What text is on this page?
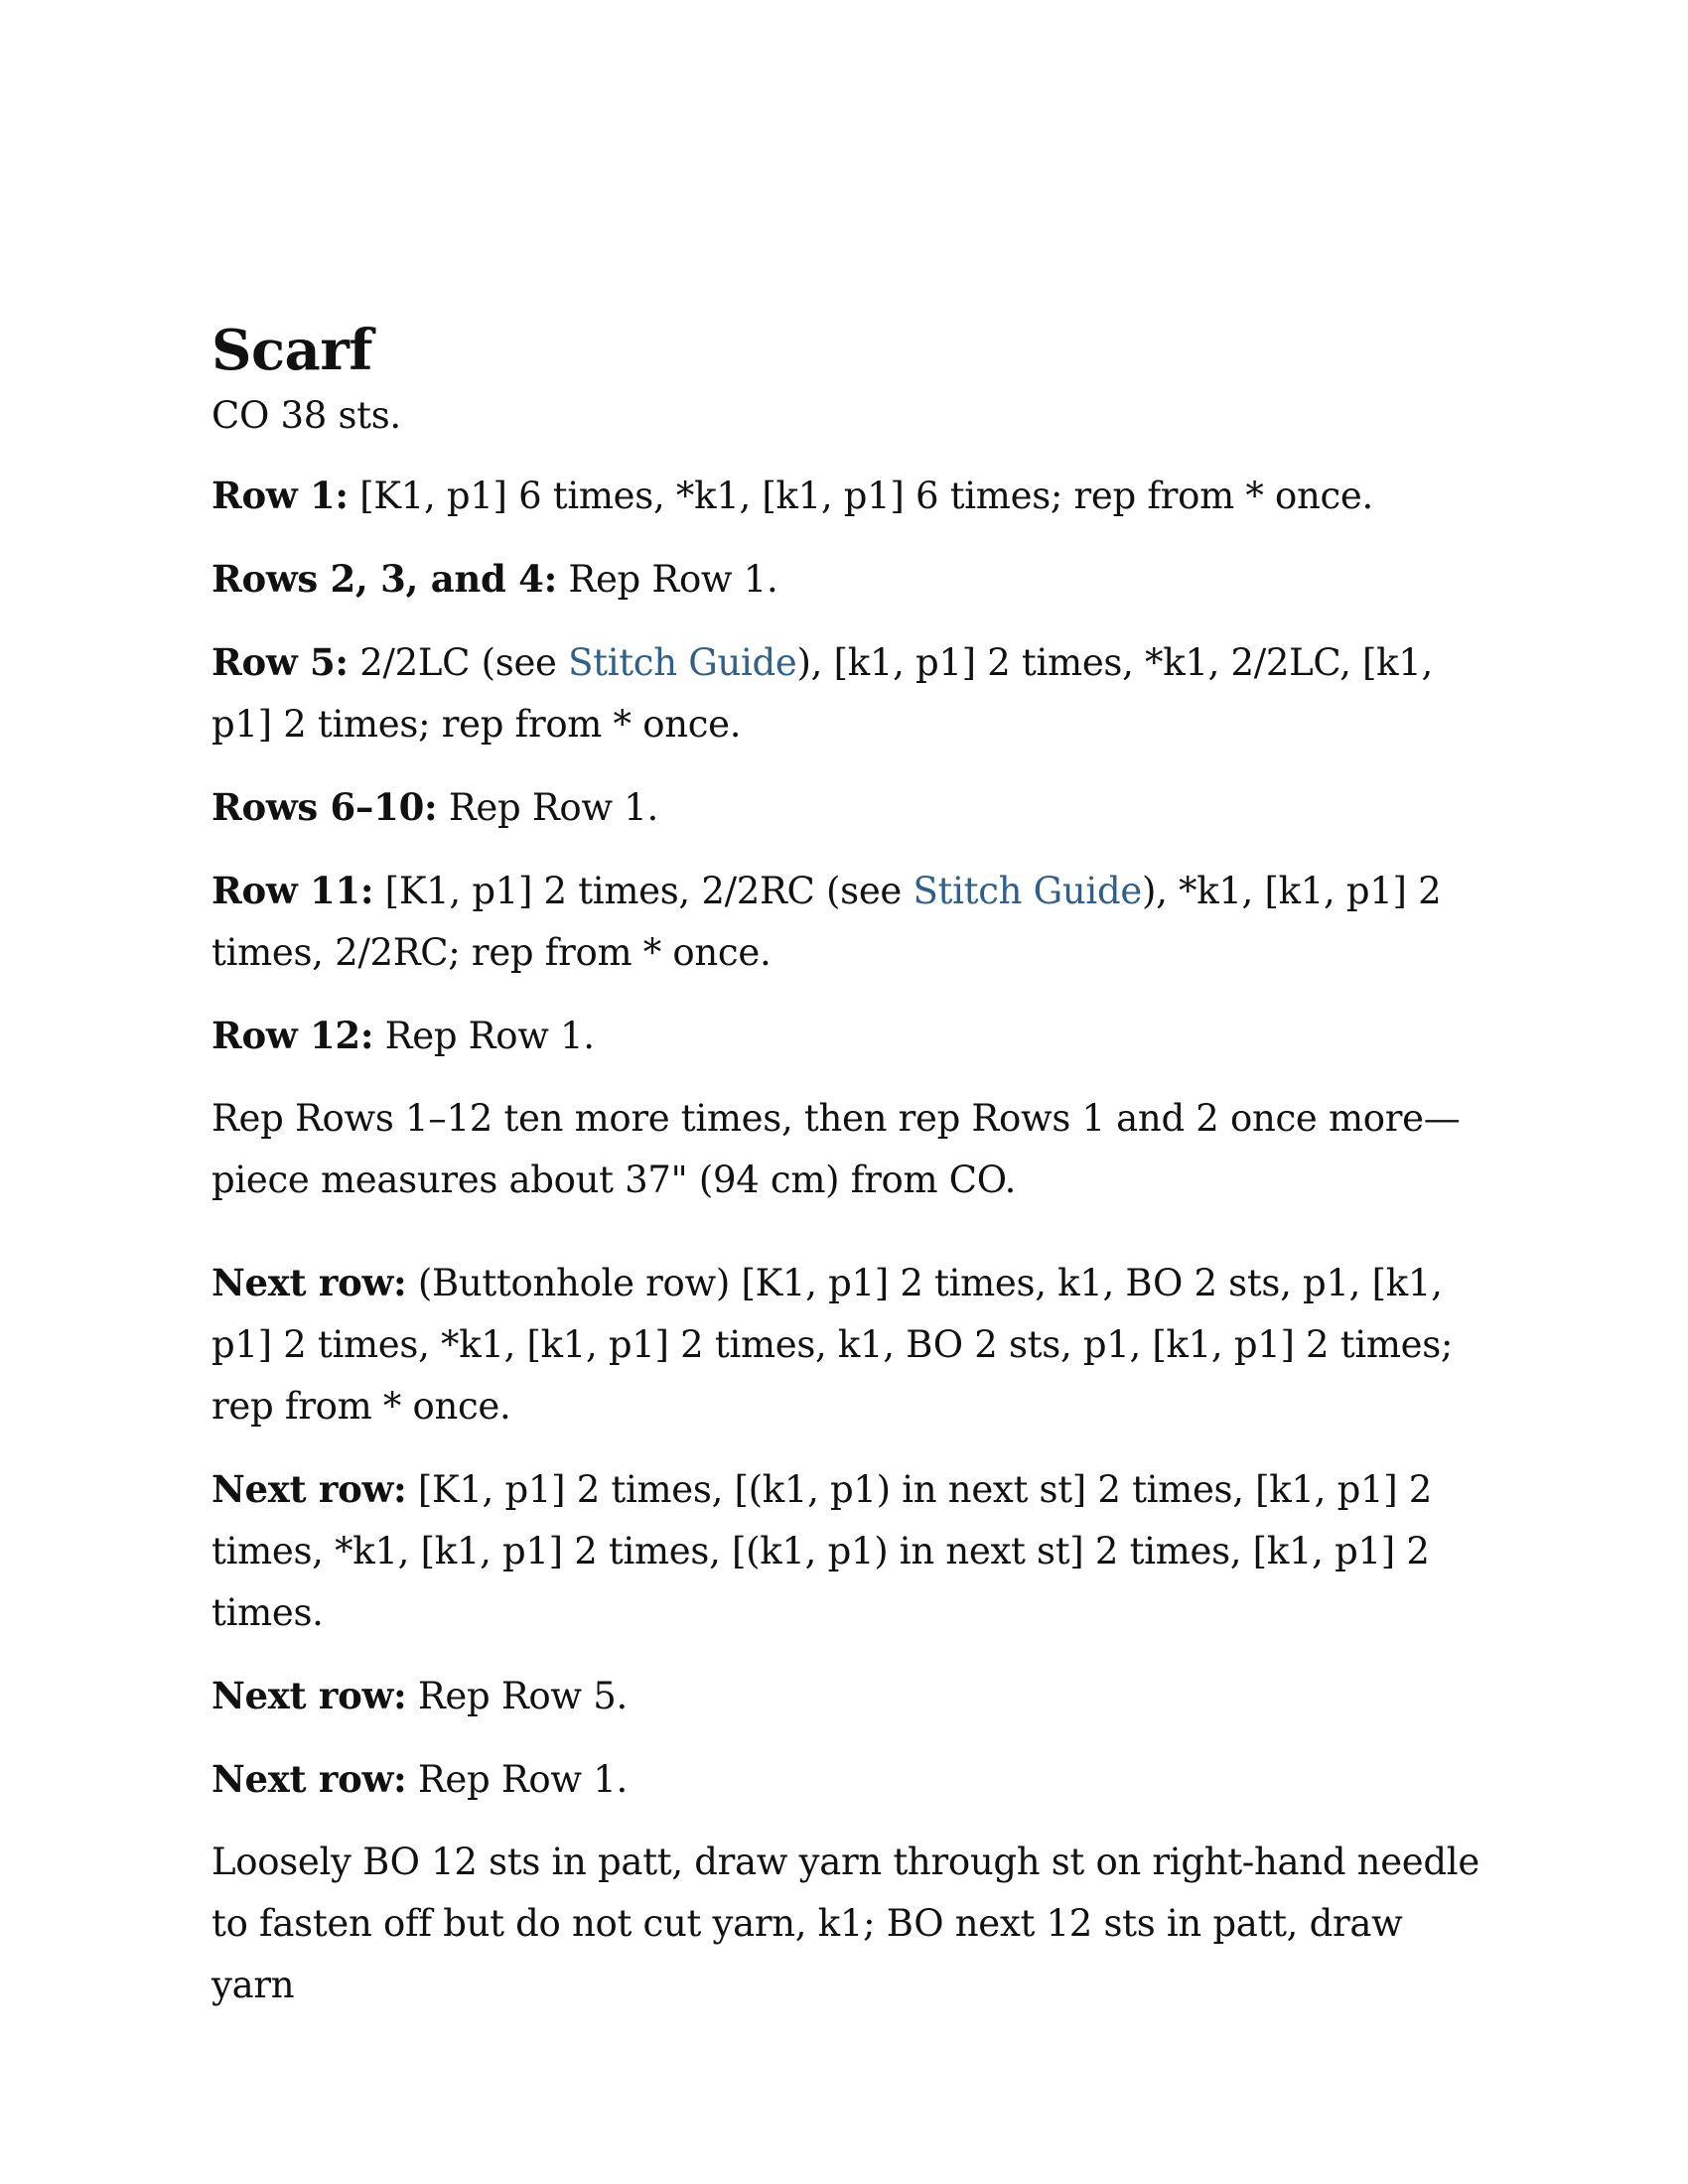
Scarf

CO 38 sts.

Row 1: [K1, p1] 6 times, *k1, [k1, p1] 6 times; rep from * once.

Rows 2, 3, and 4: Rep Row 1.

Row 5: 2/2LC (see Stitch Guide), [k1, p1] 2 times, *k1, 2/2LC, [k1, p1] 2 times; rep from * once.

Rows 6–10: Rep Row 1.

Row 11: [K1, p1] 2 times, 2/2RC (see Stitch Guide), *k1, [k1, p1] 2 times, 2/2RC; rep from * once.

Row 12: Rep Row 1.

Rep Rows 1–12 ten more times, then rep Rows 1 and 2 once more—piece measures about 37" (94 cm) from CO.

Next row: (Buttonhole row) [K1, p1] 2 times, k1, BO 2 sts, p1, [k1, p1] 2 times, *k1, [k1, p1] 2 times, k1, BO 2 sts, p1, [k1, p1] 2 times; rep from * once.

Next row: [K1, p1] 2 times, [(k1, p1) in next st] 2 times, [k1, p1] 2 times, *k1, [k1, p1] 2 times, [(k1, p1) in next st] 2 times, [k1, p1] 2 times.

Next row: Rep Row 5.

Next row: Rep Row 1.

Loosely BO 12 sts in patt, draw yarn through st on right-hand needle to fasten off but do not cut yarn, k1; BO next 12 sts in patt, draw yarn
